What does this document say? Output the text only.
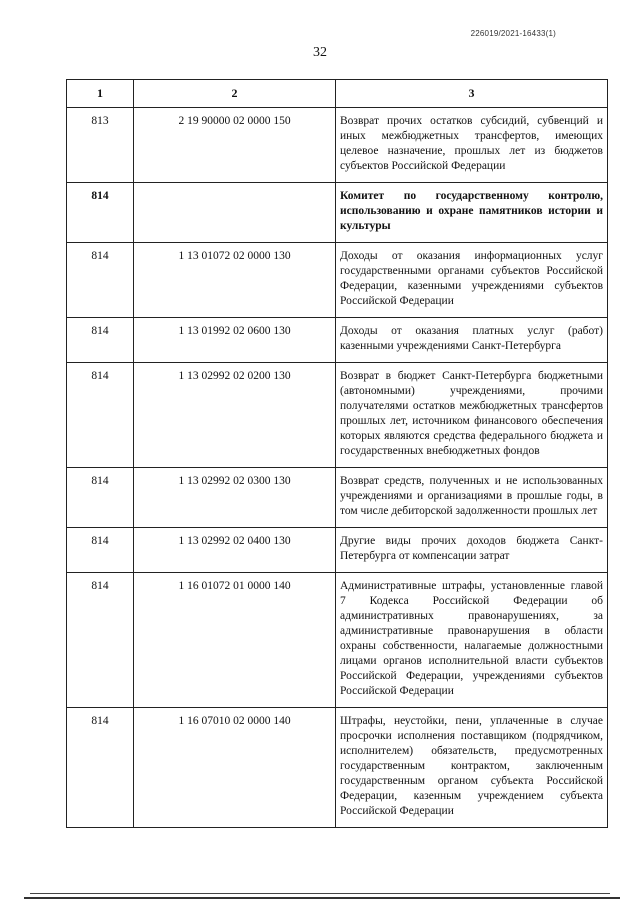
226019/2021-16433(1)
32
1	2	3
813	2 19 90000 02 0000 150	Возврат прочих остатков субсидий, субвенций и иных межбюджетных трансфертов, имеющих целевое назначение, прошлых лет из бюджетов субъектов Российской Федерации
814		Комитет по государственному контролю, использованию и охране памятников истории и культуры
814	1 13 01072 02 0000 130	Доходы от оказания информационных услуг государственными органами субъектов Российской Федерации, казенными учреждениями субъектов Российской Федерации
814	1 13 01992 02 0600 130	Доходы от оказания платных услуг (работ) казенными учреждениями Санкт-Петербурга
814	1 13 02992 02 0200 130	Возврат в бюджет Санкт-Петербурга бюджетными (автономными) учреждениями, прочими получателями остатков межбюджетных трансфертов прошлых лет, источником финансового обеспечения которых являются средства федерального бюджета и государственных внебюджетных фондов
814	1 13 02992 02 0300 130	Возврат средств, полученных и не использованных учреждениями и организациями в прошлые годы, в том числе дебиторской задолженности прошлых лет
814	1 13 02992 02 0400 130	Другие виды прочих доходов бюджета Санкт-Петербурга от компенсации затрат
814	1 16 01072 01 0000 140	Административные штрафы, установленные главой 7 Кодекса Российской Федерации об административных правонарушениях, за административные правонарушения в области охраны собственности, налагаемые должностными лицами органов исполнительной власти субъектов Российской Федерации, учреждениями субъектов Российской Федерации
814	1 16 07010 02 0000 140	Штрафы, неустойки, пени, уплаченные в случае просрочки исполнения поставщиком (подрядчиком, исполнителем) обязательств, предусмотренных государственным контрактом, заключенным государственным органом субъекта Российской Федерации, казенным учреждением субъекта Российской Федерации
